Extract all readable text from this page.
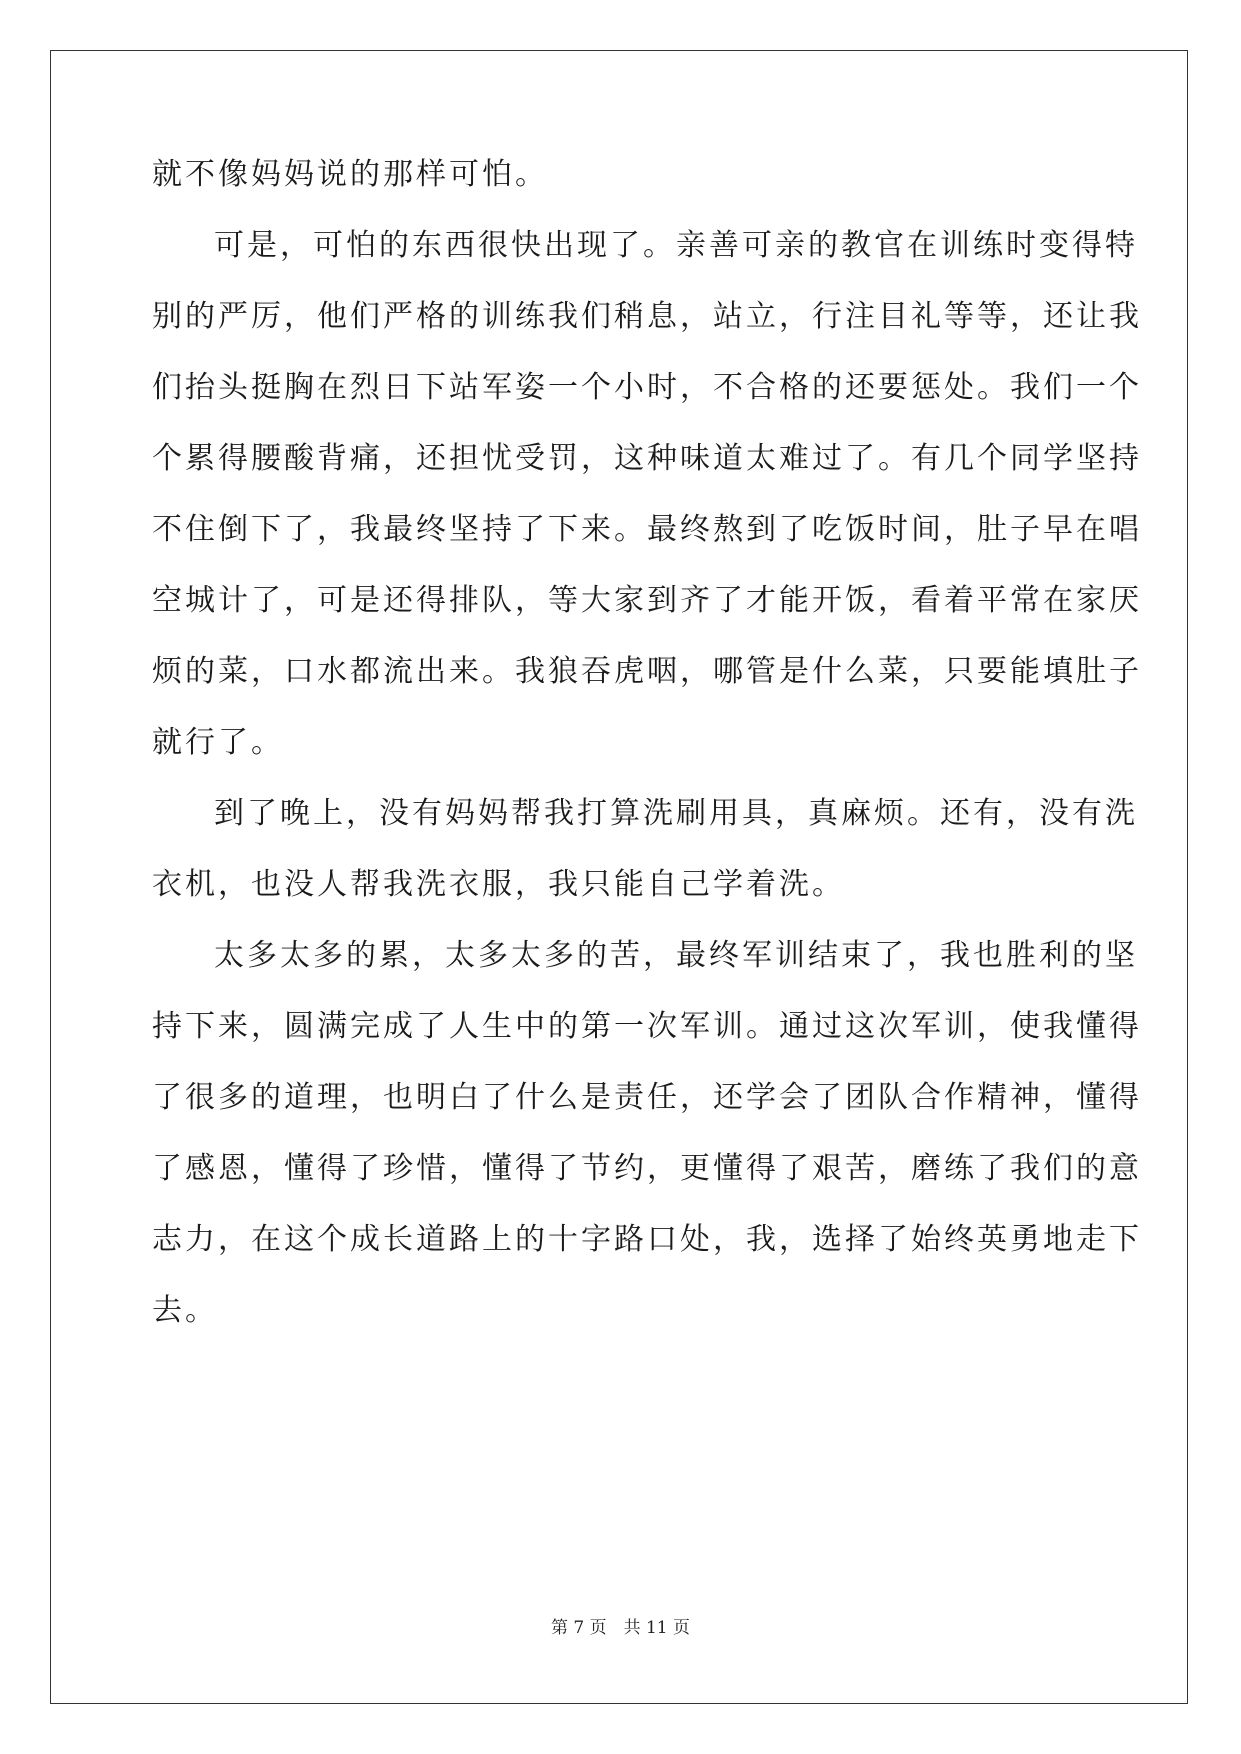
就不像妈妈说的那样可怕。
可是，可怕的东西很快出现了。亲善可亲的教官在训练时变得特
别的严厉，他们严格的训练我们稍息，站立，行注目礼等等，还让我
们抬头挺胸在烈日下站军姿一个小时，不合格的还要惩处。我们一个
个累得腰酸背痛，还担忧受罚，这种味道太难过了。有几个同学坚持
不住倒下了，我最终坚持了下来。最终熬到了吃饭时间，肚子早在唱
空城计了，可是还得排队，等大家到齐了才能开饭，看着平常在家厌
烦的菜，口水都流出来。我狼吞虎咽，哪管是什么菜，只要能填肚子
就行了。
到了晚上，没有妈妈帮我打算洗刷用具，真麻烦。还有，没有洗
衣机，也没人帮我洗衣服，我只能自己学着洗。
太多太多的累，太多太多的苦，最终军训结束了，我也胜利的坚
持下来，圆满完成了人生中的第一次军训。通过这次军训，使我懂得
了很多的道理，也明白了什么是责任，还学会了团队合作精神，懂得
了感恩，懂得了珍惜，懂得了节约，更懂得了艰苦，磨练了我们的意
志力，在这个成长道路上的十字路口处，我，选择了始终英勇地走下
去。
第 7 页　共 11 页
